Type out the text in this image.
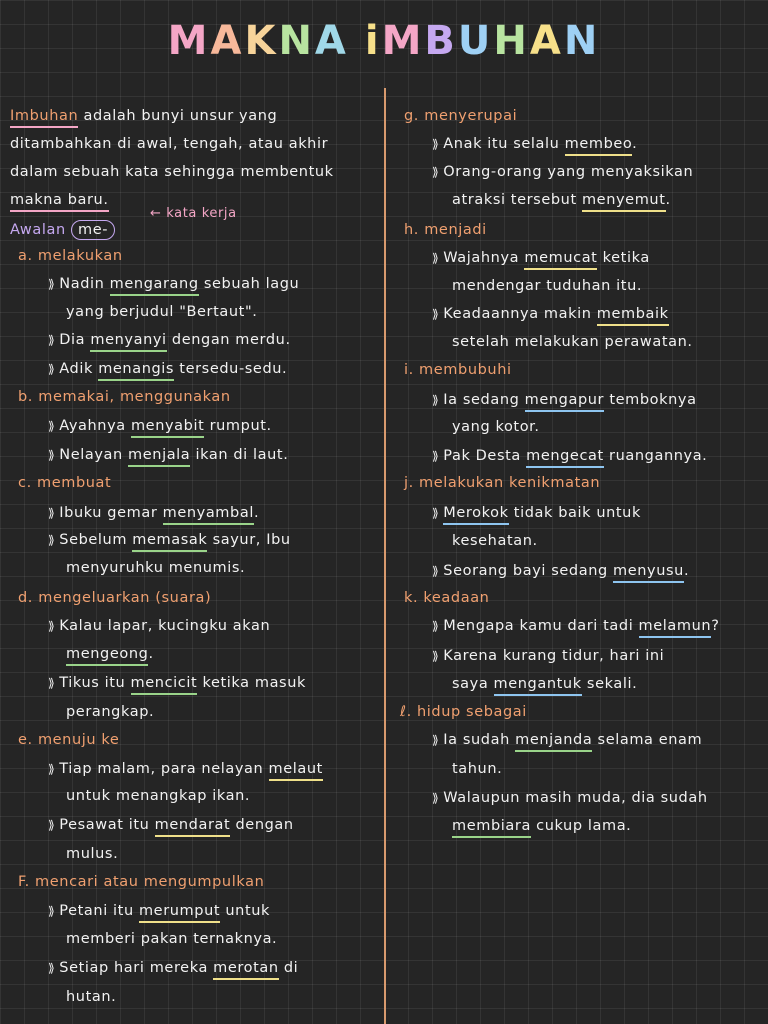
MAKNA iMBUHAN
Imbuhan adalah bunyi unsur yang
ditambahkan di awal, tengah, atau akhir
dalam sebuah kata sehingga membentuk
makna baru.
← kata kerja
Awalan me-
a. melakukan
⟫ Nadin mengarang sebuah lagu
yang berjudul "Bertaut".
⟫ Dia menyanyi dengan merdu.
⟫ Adik menangis tersedu-sedu.
b. memakai, menggunakan
⟫ Ayahnya menyabit rumput.
⟫ Nelayan menjala ikan di laut.
c. membuat
⟫ Ibuku gemar menyambal.
⟫ Sebelum memasak sayur, Ibu
menyuruhku menumis.
d. mengeluarkan (suara)
⟫ Kalau lapar, kucingku akan
mengeong.
⟫ Tikus itu mencicit ketika masuk
perangkap.
e. menuju ke
⟫ Tiap malam, para nelayan melaut
untuk menangkap ikan.
⟫ Pesawat itu mendarat dengan
mulus.
F. mencari atau mengumpulkan
⟫ Petani itu merumput untuk
memberi pakan ternaknya.
⟫ Setiap hari mereka merotan di
hutan.
g. menyerupai
⟫ Anak itu selalu membeo.
⟫ Orang-orang yang menyaksikan
atraksi tersebut menyemut.
h. menjadi
⟫ Wajahnya memucat ketika
mendengar tuduhan itu.
⟫ Keadaannya makin membaik
setelah melakukan perawatan.
i. membubuhi
⟫ Ia sedang mengapur temboknya
yang kotor.
⟫ Pak Desta mengecat ruangannya.
j. melakukan kenikmatan
⟫ Merokok tidak baik untuk
kesehatan.
⟫ Seorang bayi sedang menyusu.
k. keadaan
⟫ Mengapa kamu dari tadi melamun?
⟫ Karena kurang tidur, hari ini
saya mengantuk sekali.
ℓ. hidup sebagai
⟫ Ia sudah menjanda selama enam
tahun.
⟫ Walaupun masih muda, dia sudah
membiara cukup lama.
